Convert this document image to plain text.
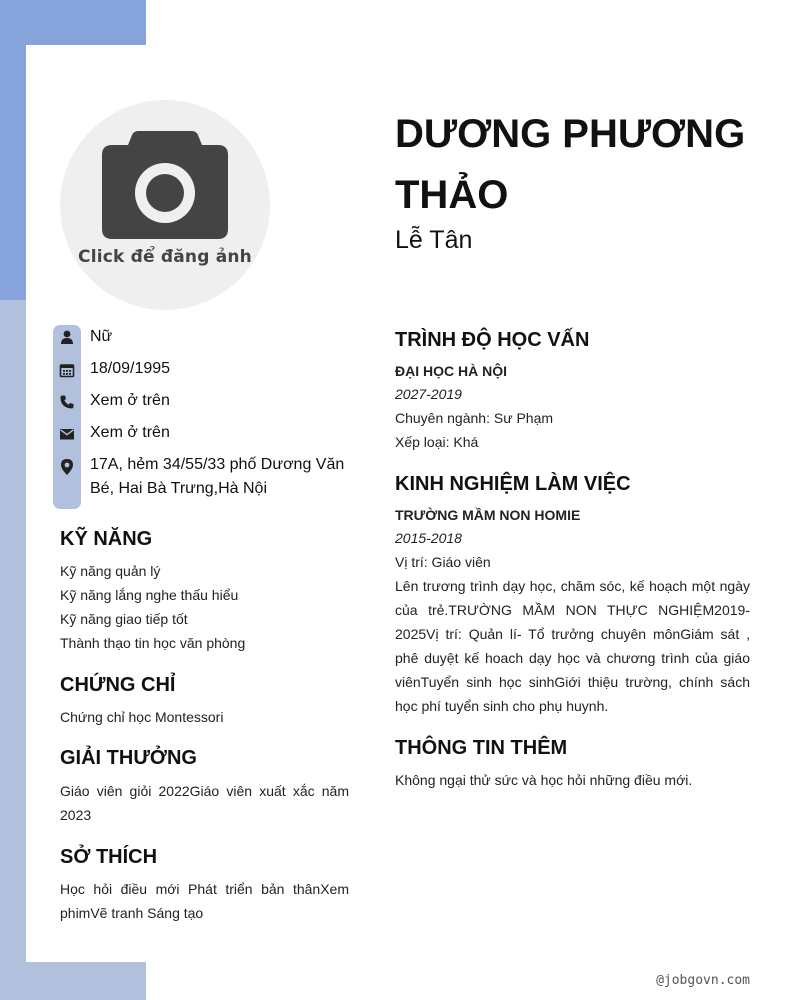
Click để đăng ảnh
DƯƠNG PHƯƠNG THẢO
Lễ Tân
Nữ
18/09/1995
Xem ở trên
Xem ở trên
17A, hẻm 34/55/33 phố Dương Văn Bé, Hai Bà Trưng,Hà Nội
KỸ NĂNG
Kỹ năng quản lý
Kỹ năng lắng nghe thấu hiểu
Kỹ năng giao tiếp tốt
Thành thạo tin học văn phòng
CHỨNG CHỈ
Chứng chỉ học Montessori
GIẢI THƯỞNG
Giáo viên giỏi 2022Giáo viên xuất xắc năm 2023
SỞ THÍCH
Học hỏi điều mới Phát triển bản thânXem phimVẽ tranh Sáng tạo
TRÌNH ĐỘ HỌC VẤN
ĐẠI HỌC HÀ NỘI
2027-2019
Chuyên ngành: Sư Phạm
Xếp loại: Khá
KINH NGHIỆM LÀM VIỆC
TRƯỜNG MẦM NON HOMIE
2015-2018
Vị trí: Giáo viên
Lên trương trình dạy học, chăm sóc, kế hoạch một ngày của trẻ.TRƯỜNG MẦM NON THỰC NGHIỆM2019-2025Vị trí: Quản lí- Tổ trưởng chuyên mônGiám sát , phê duyệt kế hoach dạy học và chương trình của giáo viênTuyển sinh học sinhGiới thiệu trường, chính sách học phí tuyển sinh cho phụ huynh.
THÔNG TIN THÊM
Không ngại thử sức và học hỏi những điều mới.
@jobgovn.com
